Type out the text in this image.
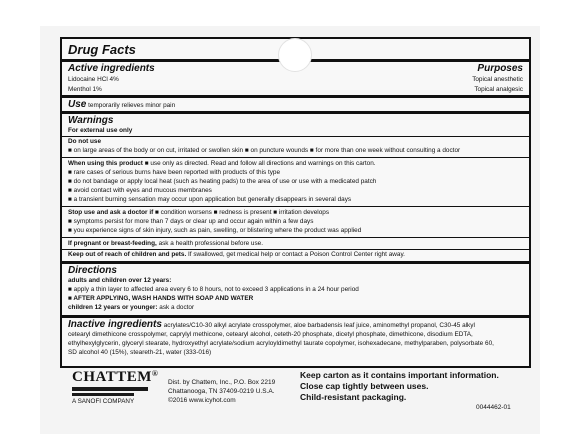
Drug Facts
Active ingredients	Purposes
Lidocaine HCl 4%	Topical anesthetic
Menthol 1%	Topical analgesic
Use temporarily relieves minor pain
Warnings
For external use only
Do not use
■ on large areas of the body or on cut, irritated or swollen skin ■ on puncture wounds ■ for more than one week without consulting a doctor
When using this product ■ use only as directed. Read and follow all directions and warnings on this carton.
■ rare cases of serious burns have been reported with products of this type
■ do not bandage or apply local heat (such as heating pads) to the area of use or use with a medicated patch
■ avoid contact with eyes and mucous membranes
■ a transient burning sensation may occur upon application but generally disappears in several days
Stop use and ask a doctor if ■ condition worsens ■ redness is present ■ irritation develops
■ symptoms persist for more than 7 days or clear up and occur again within a few days
■ you experience signs of skin injury, such as pain, swelling, or blistering where the product was applied
If pregnant or breast-feeding, ask a health professional before use.
Keep out of reach of children and pets. If swallowed, get medical help or contact a Poison Control Center right away.
Directions
adults and children over 12 years:
■ apply a thin layer to affected area every 6 to 8 hours, not to exceed 3 applications in a 24 hour period
■ AFTER APPLYING, WASH HANDS WITH SOAP AND WATER
children 12 years or younger: ask a doctor
Inactive ingredients acrylates/C10-30 alkyl acrylate crosspolymer, aloe barbadensis leaf juice, aminomethyl propanol, C30-45 alkyl
cetearyl dimethicone crosspolymer, caprylyl methicone, cetearyl alcohol, ceteth-20 phosphate, dicetyl phosphate, dimethicone, disodium EDTA,
ethylhexylglycerin, glyceryl stearate, hydroxyethyl acrylate/sodium acryloyldimethyl taurate copolymer, isohexadecane, methylparaben, polysorbate 60,
SD alcohol 40 (15%), steareth-21, water (333-016)
CHATTEM®
A SANOFI COMPANY
Dist. by Chattem, Inc., P.O. Box 2219
Chattanooga, TN 37409-0219 U.S.A.
©2016 www.icyhot.com
Keep carton as it contains important information.
Close cap tightly between uses.
Child-resistant packaging.
0044462-01
